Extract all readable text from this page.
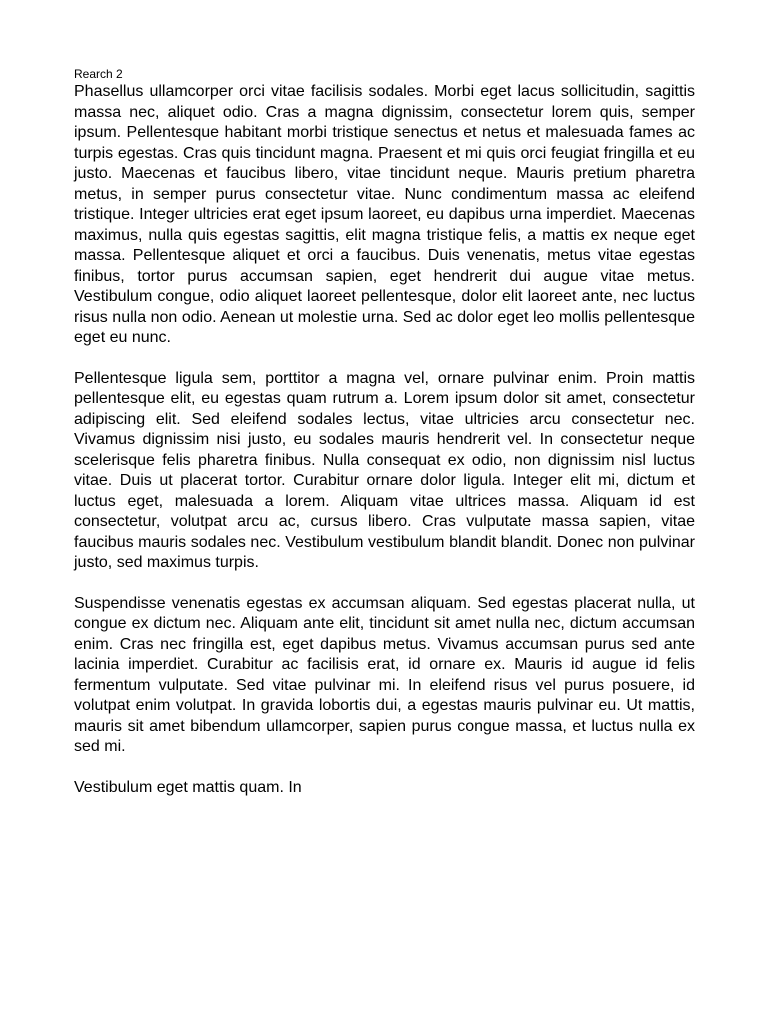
Rearch 2

Phasellus ullamcorper orci vitae facilisis sodales. Morbi eget lacus sollicitudin, sagittis massa nec, aliquet odio. Cras a magna dignissim, consectetur lorem quis, semper ipsum. Pellentesque habitant morbi tristique senectus et netus et malesuada fames ac turpis egestas. Cras quis tincidunt magna. Praesent et mi quis orci feugiat fringilla et eu justo. Maecenas et faucibus libero, vitae tincidunt neque. Mauris pretium pharetra metus, in semper purus consectetur vitae. Nunc condimentum massa ac eleifend tristique. Integer ultricies erat eget ipsum laoreet, eu dapibus urna imperdiet. Maecenas maximus, nulla quis egestas sagittis, elit magna tristique felis, a mattis ex neque eget massa. Pellentesque aliquet et orci a faucibus. Duis venenatis, metus vitae egestas finibus, tortor purus accumsan sapien, eget hendrerit dui augue vitae metus. Vestibulum congue, odio aliquet laoreet pellentesque, dolor elit laoreet ante, nec luctus risus nulla non odio. Aenean ut molestie urna. Sed ac dolor eget leo mollis pellentesque eget eu nunc.

Pellentesque ligula sem, porttitor a magna vel, ornare pulvinar enim. Proin mattis pellentesque elit, eu egestas quam rutrum a. Lorem ipsum dolor sit amet, consectetur adipiscing elit. Sed eleifend sodales lectus, vitae ultricies arcu consectetur nec. Vivamus dignissim nisi justo, eu sodales mauris hendrerit vel. In consectetur neque scelerisque felis pharetra finibus. Nulla consequat ex odio, non dignissim nisl luctus vitae. Duis ut placerat tortor. Curabitur ornare dolor ligula. Integer elit mi, dictum et luctus eget, malesuada a lorem. Aliquam vitae ultrices massa. Aliquam id est consectetur, volutpat arcu ac, cursus libero. Cras vulputate massa sapien, vitae faucibus mauris sodales nec. Vestibulum vestibulum blandit blandit. Donec non pulvinar justo, sed maximus turpis.

Suspendisse venenatis egestas ex accumsan aliquam. Sed egestas placerat nulla, ut congue ex dictum nec. Aliquam ante elit, tincidunt sit amet nulla nec, dictum accumsan enim. Cras nec fringilla est, eget dapibus metus. Vivamus accumsan purus sed ante lacinia imperdiet. Curabitur ac facilisis erat, id ornare ex. Mauris id augue id felis fermentum vulputate. Sed vitae pulvinar mi. In eleifend risus vel purus posuere, id volutpat enim volutpat. In gravida lobortis dui, a egestas mauris pulvinar eu. Ut mattis, mauris sit amet bibendum ullamcorper, sapien purus congue massa, et luctus nulla ex sed mi.

Vestibulum eget mattis quam. In
